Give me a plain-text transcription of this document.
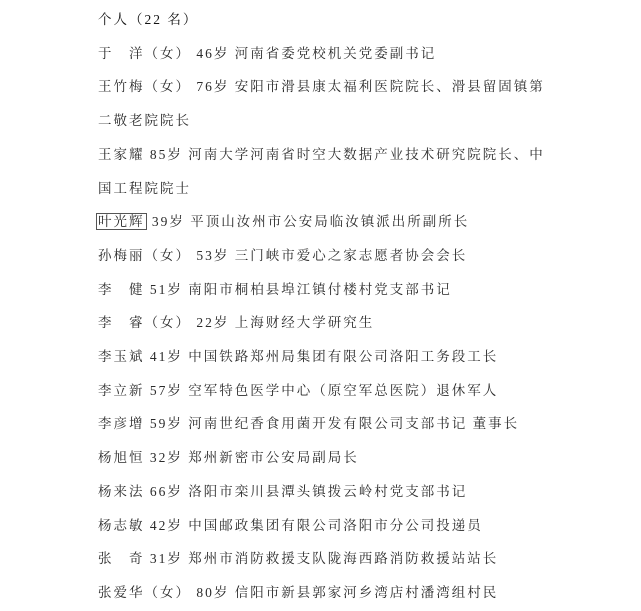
个人（22 名）
于　洋（女） 46岁 河南省委党校机关党委副书记
王竹梅（女） 76岁 安阳市滑县康太福利医院院长、滑县留固镇第
二敬老院院长
王家耀 85岁 河南大学河南省时空大数据产业技术研究院院长、中
国工程院院士
叶光辉 39岁 平顶山汝州市公安局临汝镇派出所副所长
孙梅丽（女） 53岁 三门峡市爱心之家志愿者协会会长
李　健 51岁 南阳市桐柏县埠江镇付楼村党支部书记
李　睿（女） 22岁 上海财经大学研究生
李玉斌 41岁 中国铁路郑州局集团有限公司洛阳工务段工长
李立新 57岁 空军特色医学中心（原空军总医院）退休军人
李彦增 59岁 河南世纪香食用菌开发有限公司支部书记 董事长
杨旭恒 32岁 郑州新密市公安局副局长
杨来法 66岁 洛阳市栾川县潭头镇拨云岭村党支部书记
杨志敏 42岁 中国邮政集团有限公司洛阳市分公司投递员
张　奇 31岁 郑州市消防救援支队陇海西路消防救援站站长
张爱华（女） 80岁 信阳市新县郭家河乡湾店村潘湾组村民
